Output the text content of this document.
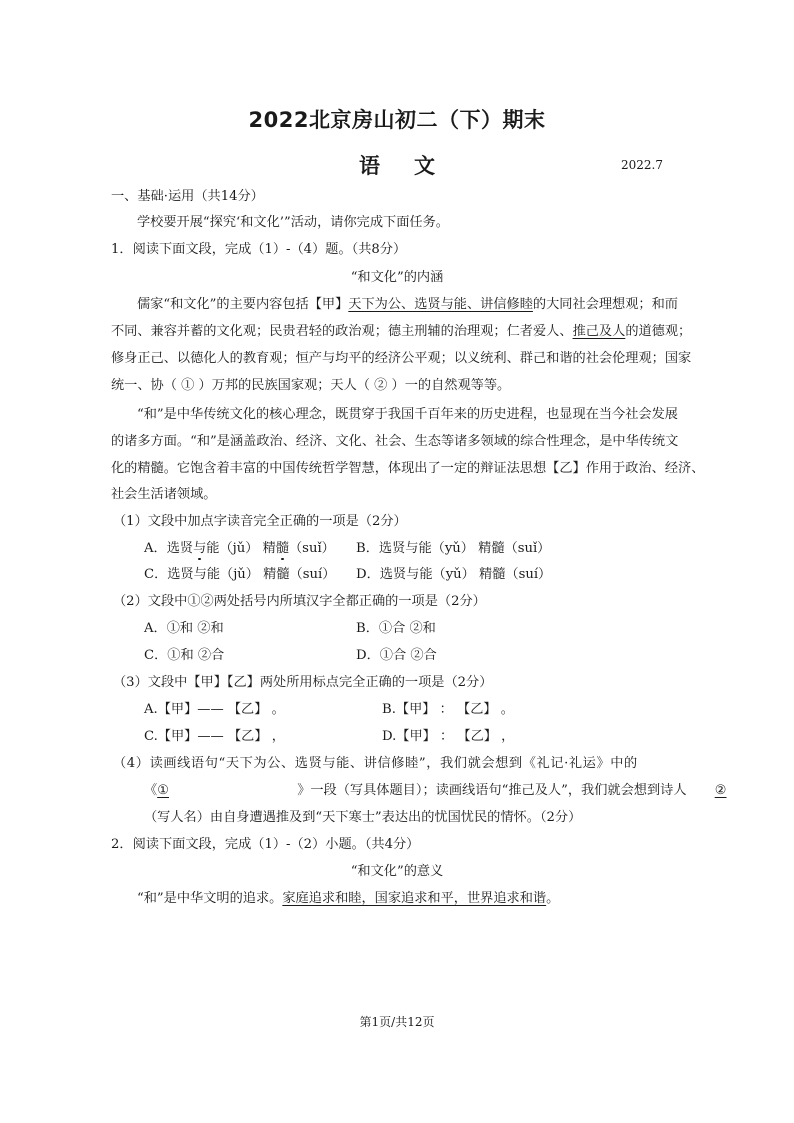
2022北京房山初二（下）期末
语文	2022.7
一、基础·运用（共14分）
学校要开展“探究‘和文化’”活动，请你完成下面任务。
1．阅读下面文段，完成（1）-（4）题。（共8分）
“和文化”的内涵
儒家“和文化”的主要内容包括【甲】天下为公、选贤与能、讲信修睦的大同社会理想观；和而
不同、兼容并蓄的文化观；民贵君轻的政治观；德主刑辅的治理观；仁者爱人、推己及人的道德观；
修身正己、以德化人的教育观；恒产与均平的经济公平观；以义统利、群己和谐的社会伦理观；国家
统一、协（ ① ）万邦的民族国家观；天人（ ② ）一的自然观等等。
“和”是中华传统文化的核心理念，既贯穿于我国千百年来的历史进程，也显现在当今社会发展
的诸多方面。“和”是涵盖政治、经济、文化、社会、生态等诸多领域的综合性理念，是中华传统文
化的精髓。它饱含着丰富的中国传统哲学智慧，体现出了一定的辩证法思想【乙】作用于政治、经济、
社会生活诸领域。
（1）文段中加点字读音完全正确的一项是（2分）
A．选贤与能（jǔ） 精髓（suǐ） B．选贤与能（yǔ） 精髓（suǐ）
C．选贤与能（jǔ） 精髓（suí） D．选贤与能（yǔ） 精髓（suí）
（2）文段中①②两处括号内所填汉字全都正确的一项是（2分）
A．①和 ②和	B．①合 ②和
C．①和 ②合	D．①合 ②合
（3）文段中【甲】【乙】两处所用标点完全正确的一项是（2分）
A.【甲】—— 【乙】 。	B.【甲】 ： 【乙】 。
C.【甲】—— 【乙】 ，	D.【甲】 ： 【乙】 ，
（4）读画线语句“天下为公、选贤与能、讲信修睦”，我们就会想到《礼记·礼运》中的
《①	》一段（写具体题目）；读画线语句“推己及人”，我们就会想到诗人 ②
（写人名）由自身遭遇推及到“天下寒士”表达出的忧国忧民的情怀。（2分）
2．阅读下面文段，完成（1）-（2）小题。（共4分）
“和文化”的意义
“和”是中华文明的追求。家庭追求和睦，国家追求和平，世界追求和谐。
第1页/共12页
